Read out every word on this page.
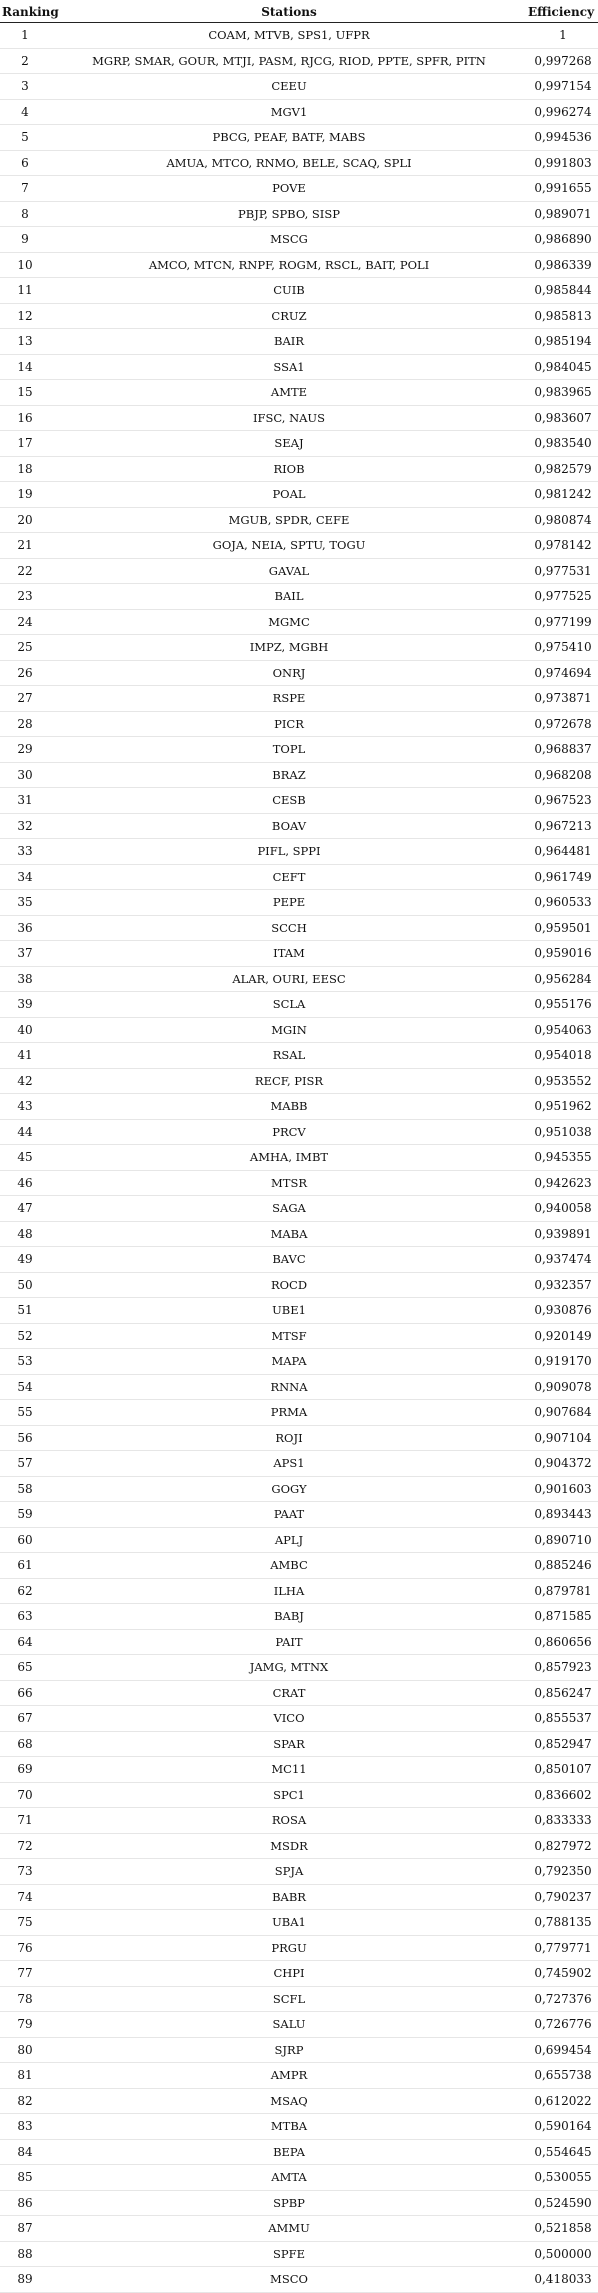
Ranking	Stations	Efficiency
1	COAM, MTVB, SPS1, UFPR	1
2	MGRP, SMAR, GOUR, MTJI, PASM, RJCG, RIOD, PPTE, SPFR, PITN	0,997268
3	CEEU	0,997154
4	MGV1	0,996274
5	PBCG, PEAF, BATF, MABS	0,994536
6	AMUA, MTCO, RNMO, BELE, SCAQ, SPLI	0,991803
7	POVE	0,991655
8	PBJP, SPBO, SISP	0,989071
9	MSCG	0,986890
10	AMCO, MTCN, RNPF, ROGM, RSCL, BAIT, POLI	0,986339
11	CUIB	0,985844
12	CRUZ	0,985813
13	BAIR	0,985194
14	SSA1	0,984045
15	AMTE	0,983965
16	IFSC, NAUS	0,983607
17	SEAJ	0,983540
18	RIOB	0,982579
19	POAL	0,981242
20	MGUB, SPDR, CEFE	0,980874
21	GOJA, NEIA, SPTU, TOGU	0,978142
22	GAVAL	0,977531
23	BAIL	0,977525
24	MGMC	0,977199
25	IMPZ, MGBH	0,975410
26	ONRJ	0,974694
27	RSPE	0,973871
28	PICR	0,972678
29	TOPL	0,968837
30	BRAZ	0,968208
31	CESB	0,967523
32	BOAV	0,967213
33	PIFL, SPPI	0,964481
34	CEFT	0,961749
35	PEPE	0,960533
36	SCCH	0,959501
37	ITAM	0,959016
38	ALAR, OURI, EESC	0,956284
39	SCLA	0,955176
40	MGIN	0,954063
41	RSAL	0,954018
42	RECF, PISR	0,953552
43	MABB	0,951962
44	PRCV	0,951038
45	AMHA, IMBT	0,945355
46	MTSR	0,942623
47	SAGA	0,940058
48	MABA	0,939891
49	BAVC	0,937474
50	ROCD	0,932357
51	UBE1	0,930876
52	MTSF	0,920149
53	MAPA	0,919170
54	RNNA	0,909078
55	PRMA	0,907684
56	ROJI	0,907104
57	APS1	0,904372
58	GOGY	0,901603
59	PAAT	0,893443
60	APLJ	0,890710
61	AMBC	0,885246
62	ILHA	0,879781
63	BABJ	0,871585
64	PAIT	0,860656
65	JAMG, MTNX	0,857923
66	CRAT	0,856247
67	VICO	0,855537
68	SPAR	0,852947
69	MC11	0,850107
70	SPC1	0,836602
71	ROSA	0,833333
72	MSDR	0,827972
73	SPJA	0,792350
74	BABR	0,790237
75	UBA1	0,788135
76	PRGU	0,779771
77	CHPI	0,745902
78	SCFL	0,727376
79	SALU	0,726776
80	SJRP	0,699454
81	AMPR	0,655738
82	MSAQ	0,612022
83	MTBA	0,590164
84	BEPA	0,554645
85	AMTA	0,530055
86	SPBP	0,524590
87	AMMU	0,521858
88	SPFE	0,500000
89	MSCO	0,418033
